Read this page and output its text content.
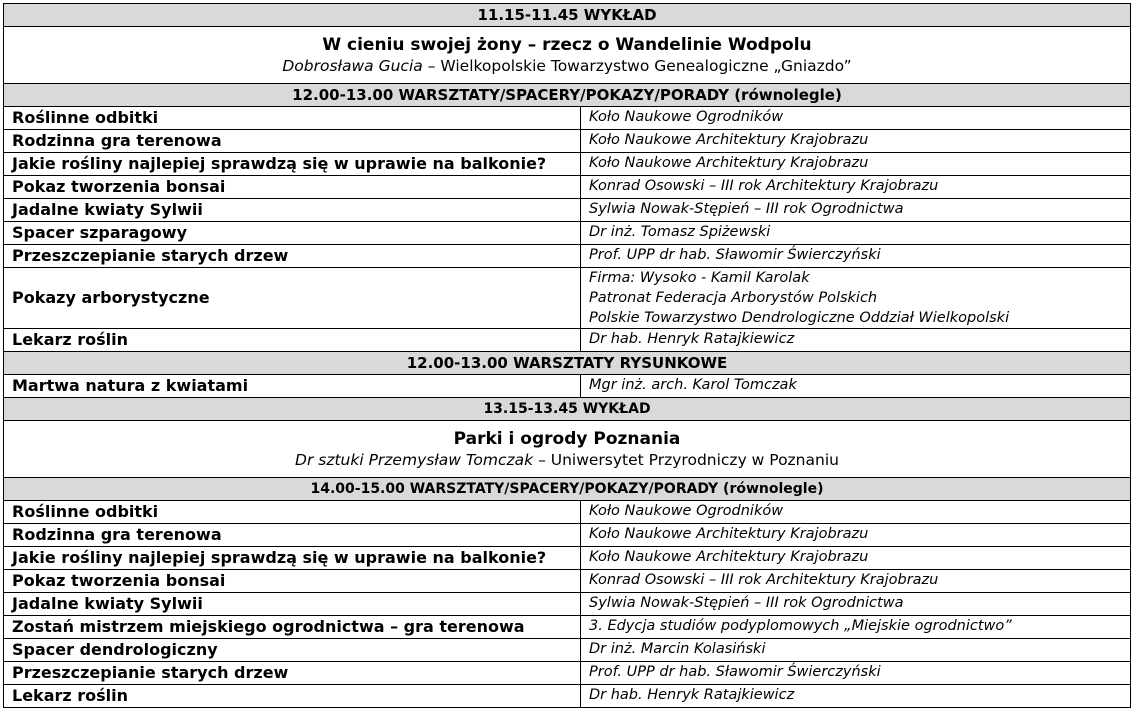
11.15-11.45 WYKŁAD	

W cieniu swojej żony – rzecz o Wandelinie Wodpolu
Dobrosława Gucia – Wielkopolskie Towarzystwo Genealogiczne „Gniazdo”	

12.00-13.00 WARSZTATY/SPACERY/POKAZY/PORADY (równolegle)	
Roślinne odbitki	Koło Naukowe Ogrodników
Rodzinna gra terenowa	Koło Naukowe Architektury Krajobrazu
Jakie rośliny najlepiej sprawdzą się w uprawie na balkonie?	Koło Naukowe Architektury Krajobrazu
Pokaz tworzenia bonsai	Konrad Osowski – III rok Architektury Krajobrazu
Jadalne kwiaty Sylwii	Sylwia Nowak-Stępień – III rok Ogrodnictwa
Spacer szparagowy	Dr inż. Tomasz Spiżewski
Przeszczepianie starych drzew	Prof. UPP dr hab. Sławomir Świerczyński
Pokazy arborystyczne	Firma: Wysoko - Kamil Karolak
Patronat Federacja Arborystów Polskich
Polskie Towarzystwo Dendrologiczne Oddział Wielkopolski

Lekarz roślin	Dr hab. Henryk Ratajkiewicz
12.00-13.00 WARSZTATY RYSUNKOWE	
Martwa natura z kwiatami	Mgr inż. arch. Karol Tomczak
13.15-13.45 WYKŁAD	

Parki i ogrody Poznania
Dr sztuki Przemysław Tomczak – Uniwersytet Przyrodniczy w Poznaniu	

14.00-15.00 WARSZTATY/SPACERY/POKAZY/PORADY (równolegle)	
Roślinne odbitki	Koło Naukowe Ogrodników
Rodzinna gra terenowa	Koło Naukowe Architektury Krajobrazu
Jakie rośliny najlepiej sprawdzą się w uprawie na balkonie?	Koło Naukowe Architektury Krajobrazu
Pokaz tworzenia bonsai	Konrad Osowski – III rok Architektury Krajobrazu
Jadalne kwiaty Sylwii	Sylwia Nowak-Stępień – III rok Ogrodnictwa
Zostań mistrzem miejskiego ogrodnictwa – gra terenowa	3. Edycja studiów podyplomowych „Miejskie ogrodnictwo”
Spacer dendrologiczny	Dr inż. Marcin Kolasiński
Przeszczepianie starych drzew	Prof. UPP dr hab. Sławomir Świerczyński
Lekarz roślin	Dr hab. Henryk Ratajkiewicz
